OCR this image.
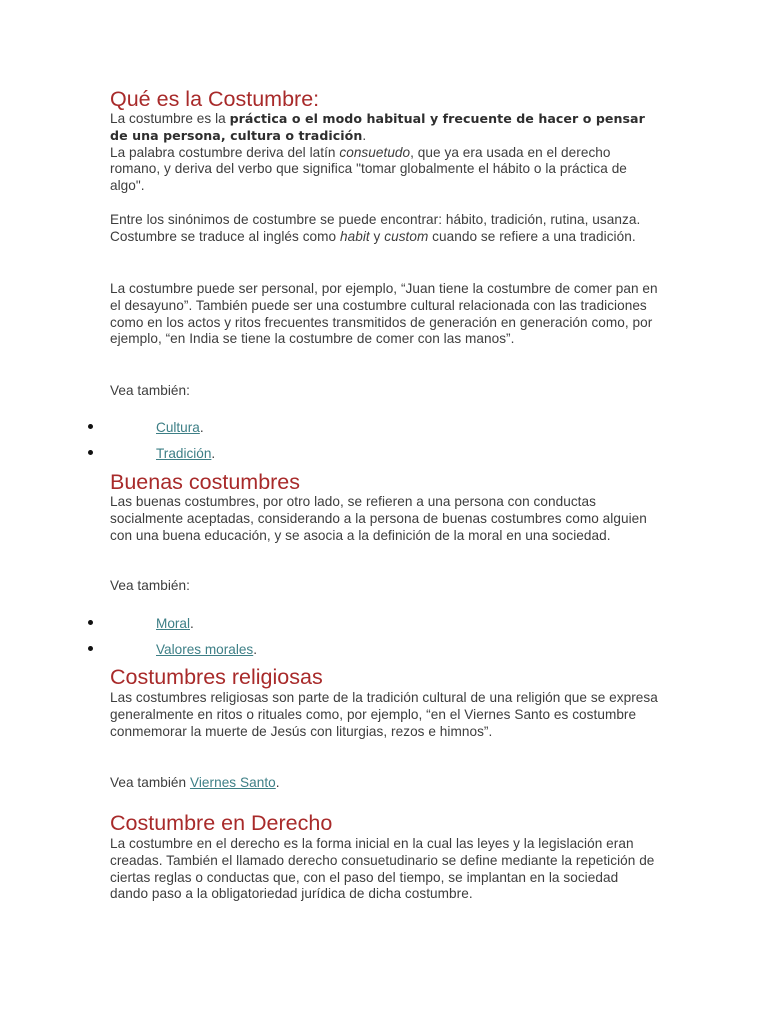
Qué es la Costumbre:

La costumbre es la práctica o el modo habitual y frecuente de hacer o pensar de una persona, cultura o tradición.
La palabra costumbre deriva del latín consuetudo, que ya era usada en el derecho romano, y deriva del verbo que significa "tomar globalmente el hábito o la práctica de algo".

Entre los sinónimos de costumbre se puede encontrar: hábito, tradición, rutina, usanza. Costumbre se traduce al inglés como habit y custom cuando se refiere a una tradición.

La costumbre puede ser personal, por ejemplo, “Juan tiene la costumbre de comer pan en el desayuno”. También puede ser una costumbre cultural relacionada con las tradiciones como en los actos y ritos frecuentes transmitidos de generación en generación como, por ejemplo, “en India se tiene la costumbre de comer con las manos”.

Vea también:

Cultura.
Tradición.
Buenas costumbres

Las buenas costumbres, por otro lado, se refieren a una persona con conductas socialmente aceptadas, considerando a la persona de buenas costumbres como alguien con una buena educación, y se asocia a la definición de la moral en una sociedad.

Vea también:

Moral.
Valores morales.
Costumbres religiosas

Las costumbres religiosas son parte de la tradición cultural de una religión que se expresa generalmente en ritos o rituales como, por ejemplo, “en el Viernes Santo es costumbre conmemorar la muerte de Jesús con liturgias, rezos e himnos”.

Vea también Viernes Santo.

Costumbre en Derecho

La costumbre en el derecho es la forma inicial en la cual las leyes y la legislación eran creadas. También el llamado derecho consuetudinario se define mediante la repetición de ciertas reglas o conductas que, con el paso del tiempo, se implantan en la sociedad dando paso a la obligatoriedad jurídica de dicha costumbre.
